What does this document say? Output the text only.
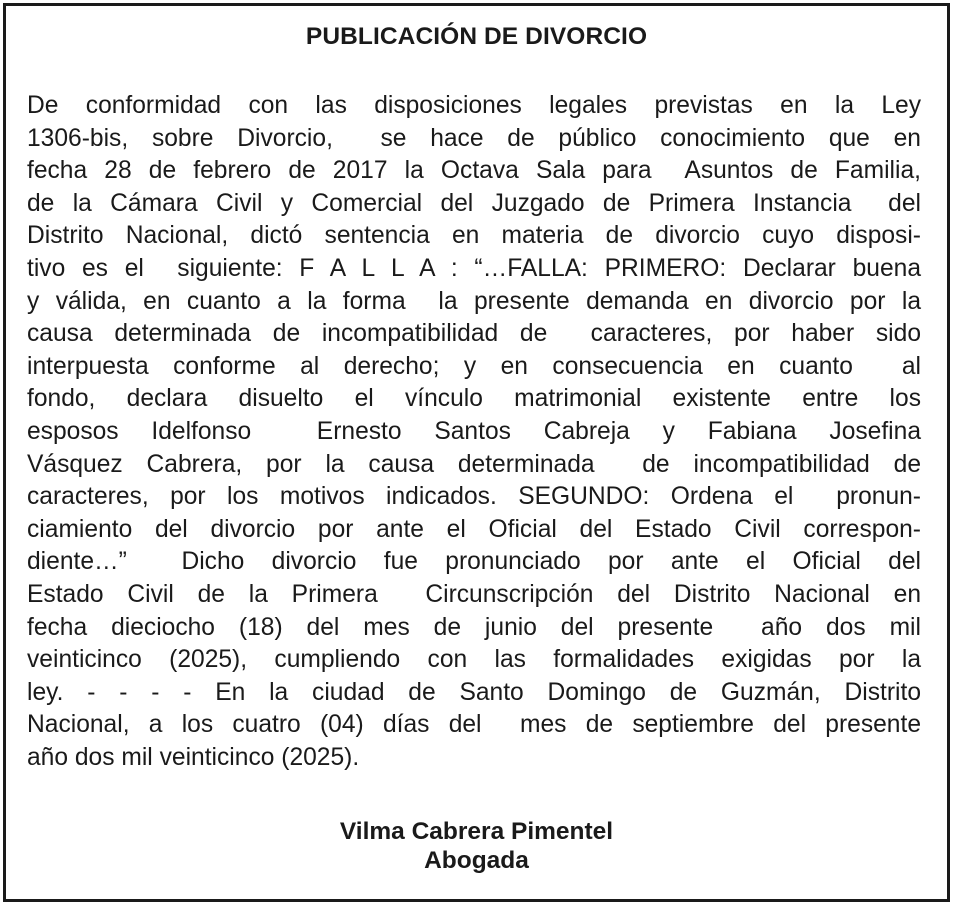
PUBLICACIÓN DE DIVORCIO
De conformidad con las disposiciones legales previstas en la Ley
1306-bis, sobre Divorcio,  se hace de público conocimiento que en
fecha 28 de febrero de 2017 la Octava Sala para  Asuntos de Familia,
de la Cámara Civil y Comercial del Juzgado de Primera Instancia  del
Distrito Nacional, dictó sentencia en materia de divorcio cuyo disposi-
tivo es el  siguiente: F A L L A : “…FALLA: PRIMERO: Declarar buena
y válida, en cuanto a la forma  la presente demanda en divorcio por la
causa determinada de incompatibilidad de  caracteres, por haber sido
interpuesta conforme al derecho; y en consecuencia en cuanto  al
fondo, declara disuelto el vínculo matrimonial existente entre los
esposos Idelfonso  Ernesto Santos Cabreja y Fabiana Josefina
Vásquez Cabrera, por la causa determinada  de incompatibilidad de
caracteres, por los motivos indicados. SEGUNDO: Ordena el  pronun-
ciamiento del divorcio por ante el Oficial del Estado Civil correspon-
diente…”  Dicho divorcio fue pronunciado por ante el Oficial del
Estado Civil de la Primera  Circunscripción del Distrito Nacional en
fecha dieciocho (18) del mes de junio del presente  año dos mil
veinticinco (2025), cumpliendo con las formalidades exigidas por la
ley. - - - - En la ciudad de Santo Domingo de Guzmán, Distrito
Nacional, a los cuatro (04) días del  mes de septiembre del presente
año dos mil veinticinco (2025).
Vilma Cabrera Pimentel
Abogada
